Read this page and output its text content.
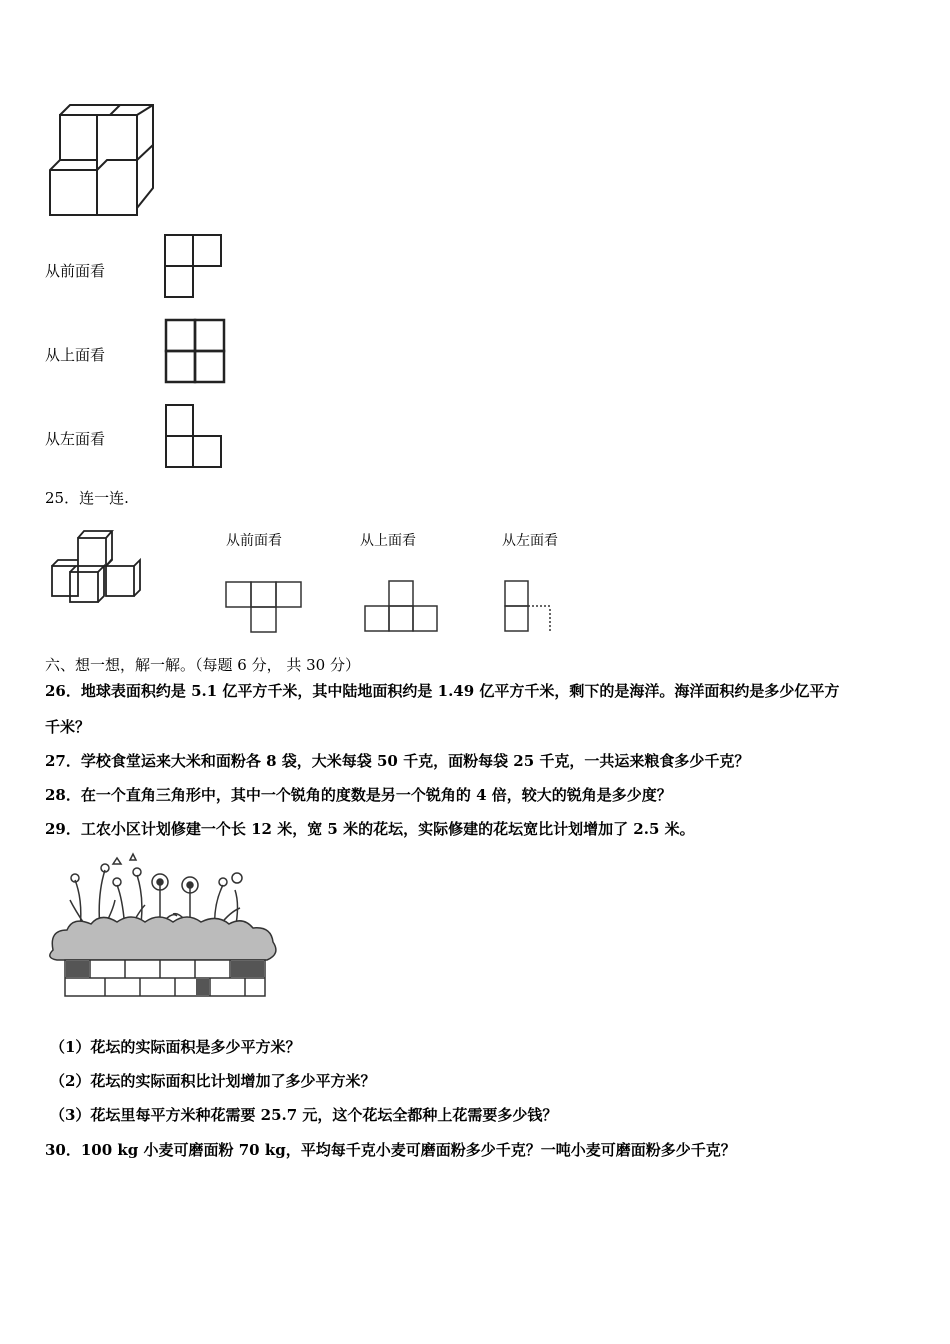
从前面看
从上面看
从左面看
25．连一连.
从前面看	从上面看	从左面看
六、想一想，解一解。（每题 6 分， 共 30 分）
26．地球表面积约是 5.1 亿平方千米，其中陆地面积约是 1.49 亿平方千米，剩下的是海洋。海洋面积约是多少亿平方
千米？
27．学校食堂运来大米和面粉各 8 袋，大米每袋 50 千克，面粉每袋 25 千克，一共运来粮食多少千克？
28．在一个直角三角形中，其中一个锐角的度数是另一个锐角的 4 倍，较大的锐角是多少度？
29．工农小区计划修建一个长 12 米，宽 5 米的花坛，实际修建的花坛宽比计划增加了 2.5 米。
（1）花坛的实际面积是多少平方米？
（2）花坛的实际面积比计划增加了多少平方米？
（3）花坛里每平方米种花需要 25.7 元，这个花坛全都种上花需要多少钱？
30．100 kg 小麦可磨面粉 70 kg，平均每千克小麦可磨面粉多少千克？一吨小麦可磨面粉多少千克？
